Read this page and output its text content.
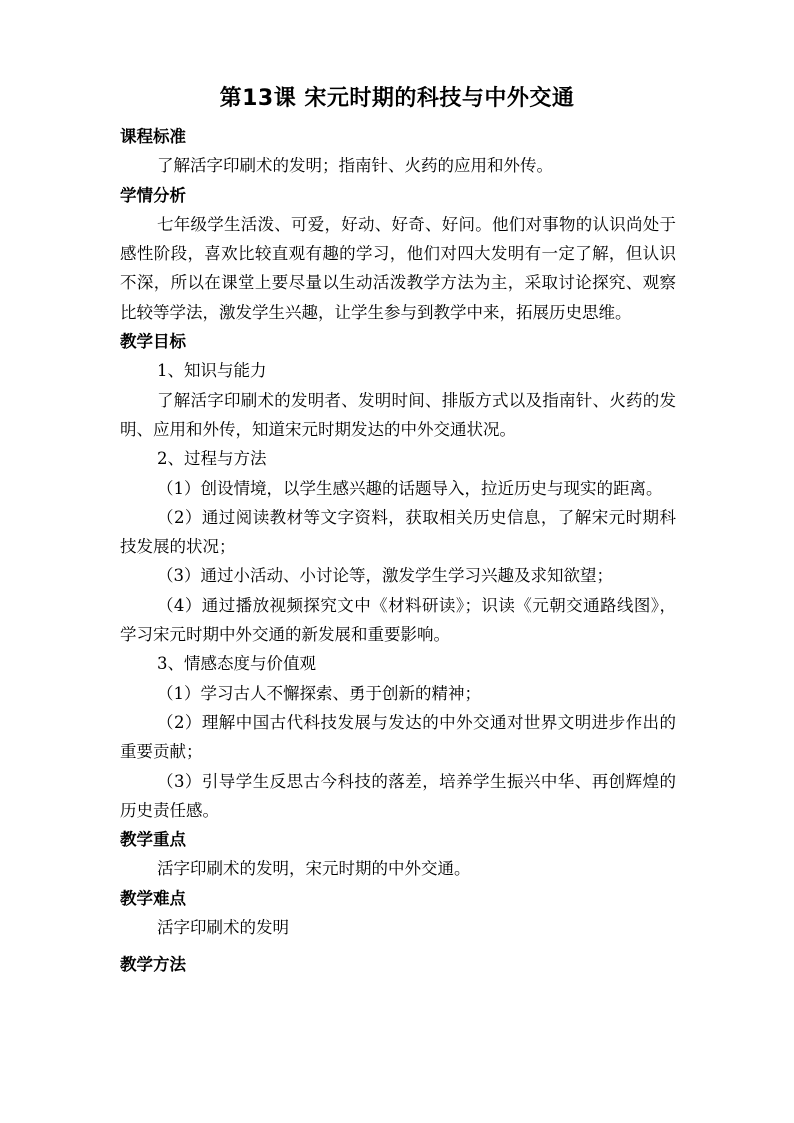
第13课 宋元时期的科技与中外交通

课程标准

了解活字印刷术的发明；指南针、火药的应用和外传。

学情分析

七年级学生活泼、可爱，好动、好奇、好问。他们对事物的认识尚处于感性阶段，喜欢比较直观有趣的学习，他们对四大发明有一定了解，但认识不深，所以在课堂上要尽量以生动活泼教学方法为主，采取讨论探究、观察比较等学法，激发学生兴趣，让学生参与到教学中来，拓展历史思维。

教学目标

1、知识与能力

了解活字印刷术的发明者、发明时间、排版方式以及指南针、火药的发明、应用和外传，知道宋元时期发达的中外交通状况。

2、过程与方法

（1）创设情境，以学生感兴趣的话题导入，拉近历史与现实的距离。

（2）通过阅读教材等文字资料，获取相关历史信息，了解宋元时期科技发展的状况；

（3）通过小活动、小讨论等，激发学生学习兴趣及求知欲望；

（4）通过播放视频探究文中《材料研读》；识读《元朝交通路线图》，学习宋元时期中外交通的新发展和重要影响。

3、情感态度与价值观

（1）学习古人不懈探索、勇于创新的精神；

（2）理解中国古代科技发展与发达的中外交通对世界文明进步作出的重要贡献；

（3）引导学生反思古今科技的落差，培养学生振兴中华、再创辉煌的历史责任感。

教学重点

活字印刷术的发明，宋元时期的中外交通。

教学难点

活字印刷术的发明

教学方法
